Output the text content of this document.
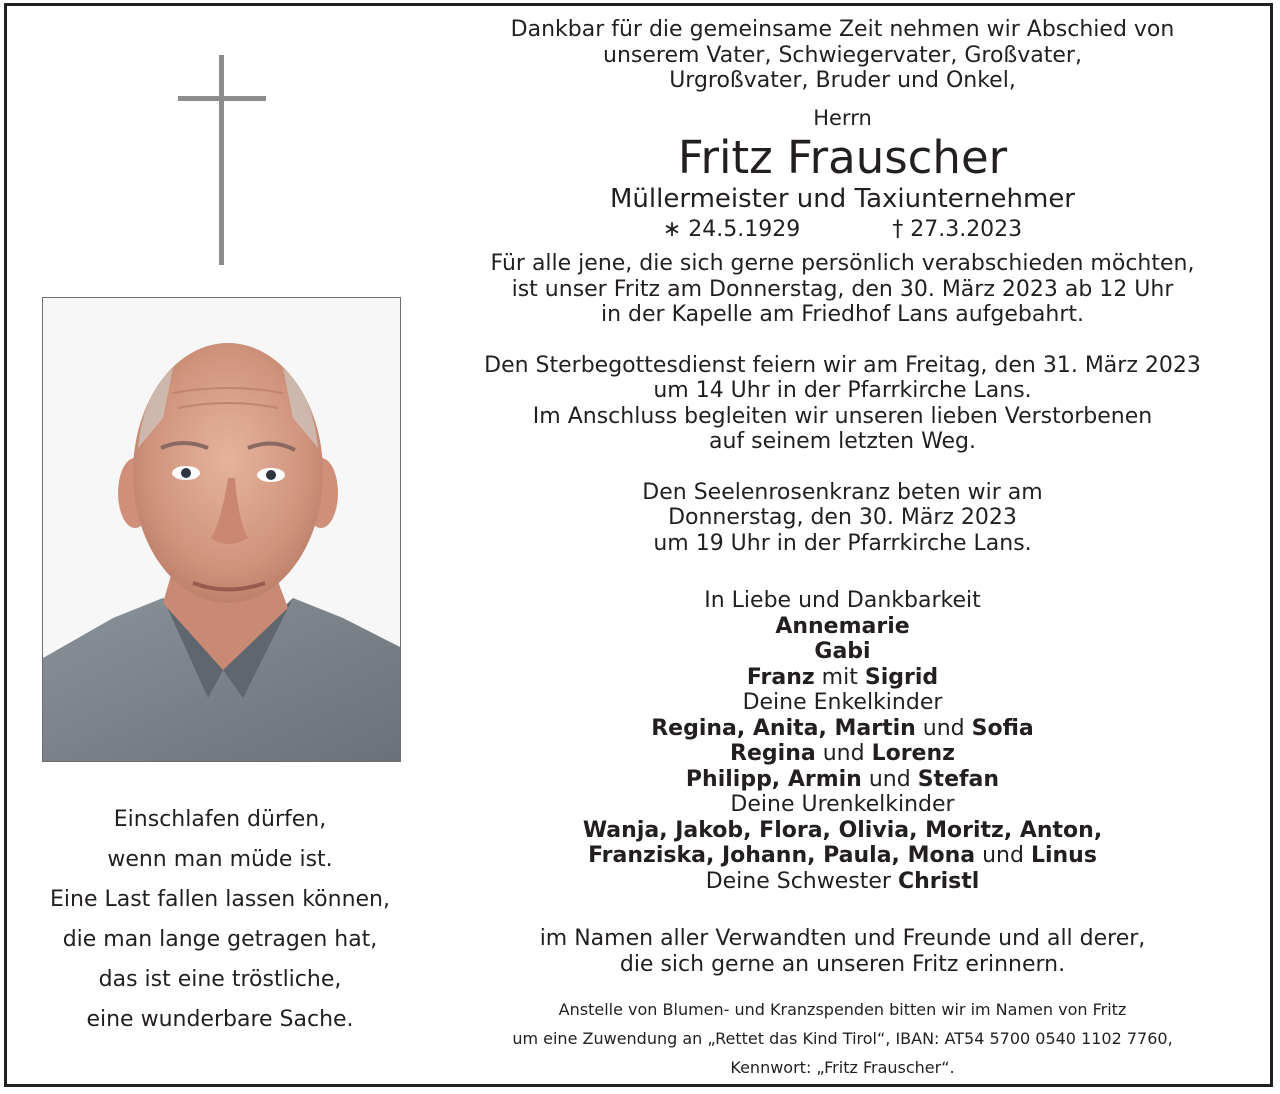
Dankbar für die gemeinsame Zeit nehmen wir Abschied von
unserem Vater, Schwiegervater, Großvater,
Urgroßvater, Bruder und Onkel,
Herrn
Fritz Frauscher
Müllermeister und Taxiunternehmer
∗ 24.5.1929	† 27.3.2023
Für alle jene, die sich gerne persönlich verabschieden möchten,
ist unser Fritz am Donnerstag, den 30. März 2023 ab 12 Uhr
in der Kapelle am Friedhof Lans aufgebahrt.
Den Sterbegottesdienst feiern wir am Freitag, den 31. März 2023
um 14 Uhr in der Pfarrkirche Lans.
Im Anschluss begleiten wir unseren lieben Verstorbenen
auf seinem letzten Weg.
Den Seelenrosenkranz beten wir am
Donnerstag, den 30. März 2023
um 19 Uhr in der Pfarrkirche Lans.
In Liebe und Dankbarkeit
Annemarie
Gabi
Franz mit Sigrid
Deine Enkelkinder
Regina, Anita, Martin und Sofia
Regina und Lorenz
Philipp, Armin und Stefan
Deine Urenkelkinder
Wanja, Jakob, Flora, Olivia, Moritz, Anton,
Franziska, Johann, Paula, Mona und Linus
Deine Schwester Christl
im Namen aller Verwandten und Freunde und all derer,
die sich gerne an unseren Fritz erinnern.
Anstelle von Blumen- und Kranzspenden bitten wir im Namen von Fritz
um eine Zuwendung an „Rettet das Kind Tirol“, IBAN: AT54 5700 0540 1102 7760,
Kennwort: „Fritz Frauscher“.
Einschlafen dürfen,
wenn man müde ist.
Eine Last fallen lassen können,
die man lange getragen hat,
das ist eine tröstliche,
eine wunderbare Sache.
